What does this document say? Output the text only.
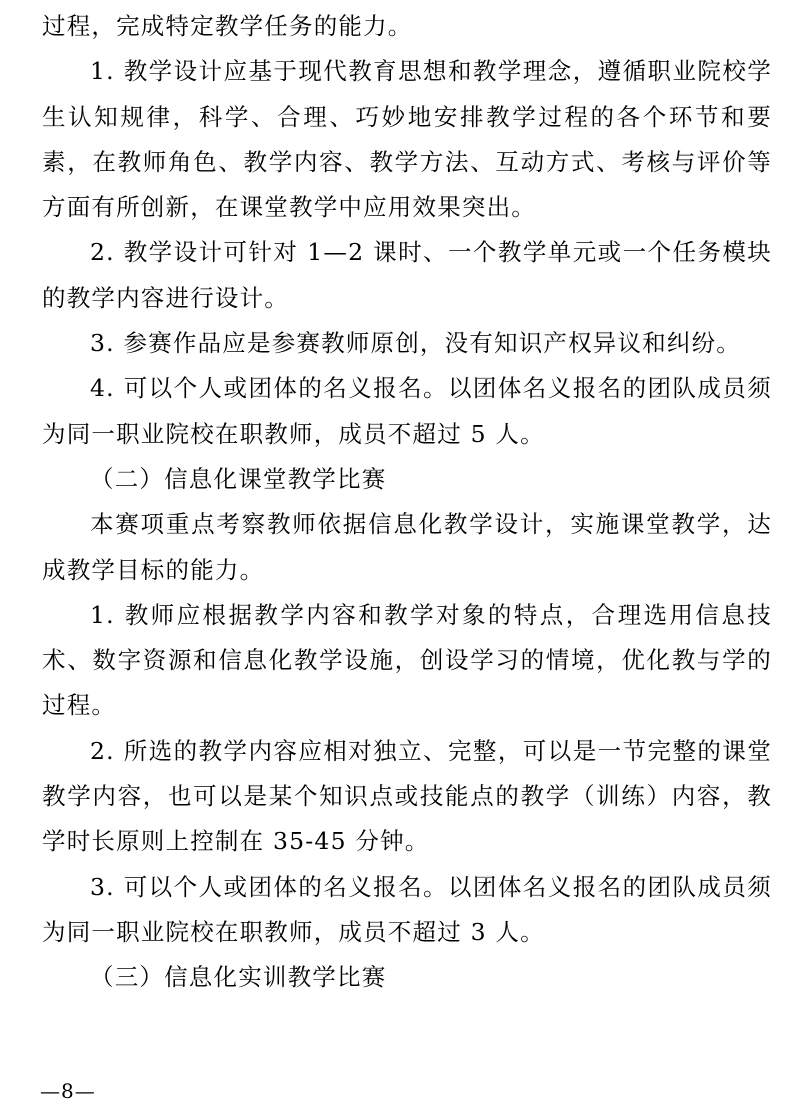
过程，完成特定教学任务的能力。

1. 教学设计应基于现代教育思想和教学理念，遵循职业院校学生认知规律，科学、合理、巧妙地安排教学过程的各个环节和要素，在教师角色、教学内容、教学方法、互动方式、考核与评价等方面有所创新，在课堂教学中应用效果突出。

2. 教学设计可针对 1—2 课时、一个教学单元或一个任务模块的教学内容进行设计。

3. 参赛作品应是参赛教师原创，没有知识产权异议和纠纷。

4. 可以个人或团体的名义报名。以团体名义报名的团队成员须为同一职业院校在职教师，成员不超过 5 人。

（二）信息化课堂教学比赛

本赛项重点考察教师依据信息化教学设计，实施课堂教学，达成教学目标的能力。

1. 教师应根据教学内容和教学对象的特点，合理选用信息技术、数字资源和信息化教学设施，创设学习的情境，优化教与学的过程。

2. 所选的教学内容应相对独立、完整，可以是一节完整的课堂教学内容，也可以是某个知识点或技能点的教学（训练）内容，教学时长原则上控制在 35-45 分钟。

3. 可以个人或团体的名义报名。以团体名义报名的团队成员须为同一职业院校在职教师，成员不超过 3 人。

（三）信息化实训教学比赛

—8—
